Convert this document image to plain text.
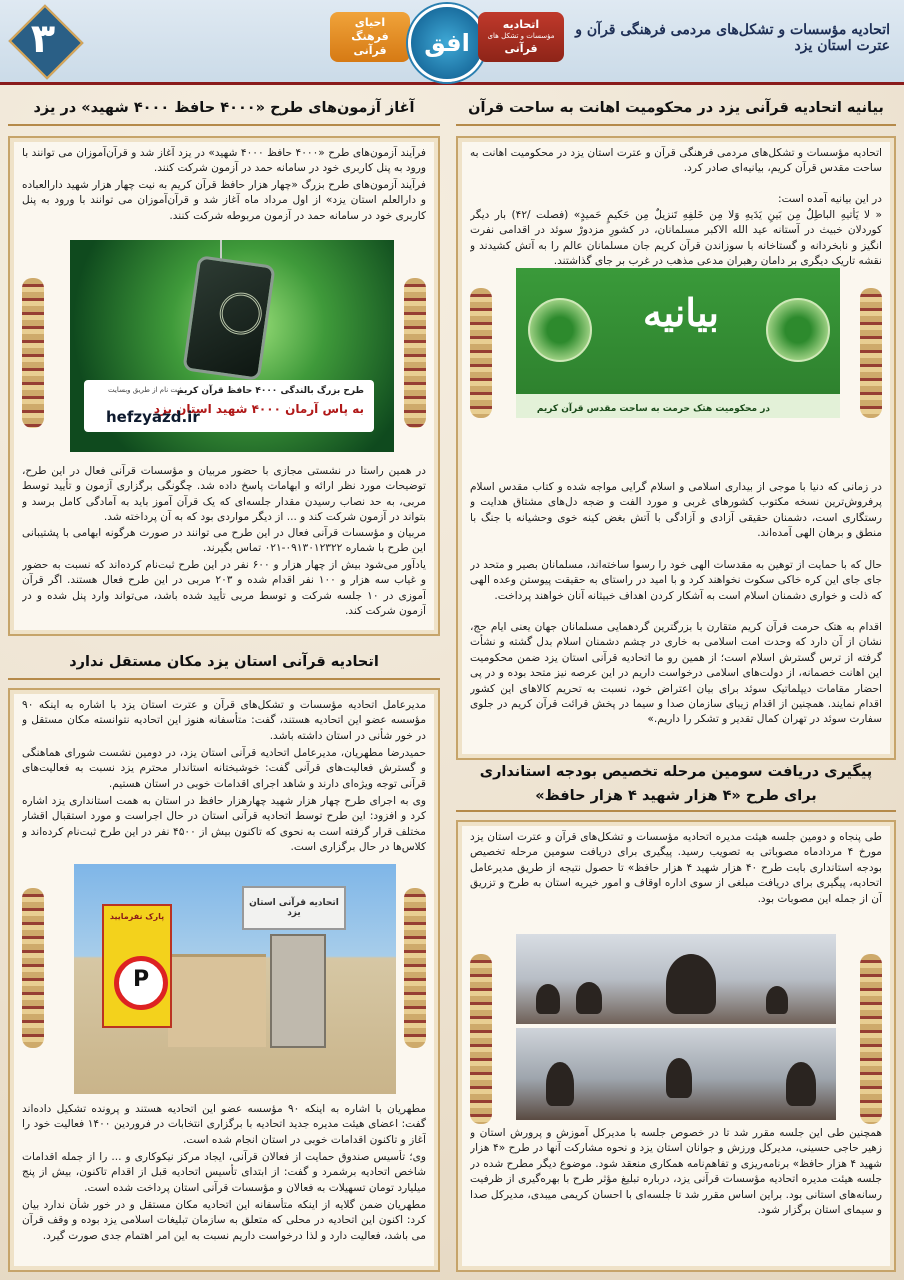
۳	احیای
فرهنگ
قرآنی	افق
اتحادیه
مؤسسات و تشکل های
قرآنی
اتحادیه مؤسسات و تشکل‌های مردمی فرهنگی قرآن و عترت استان یزد
بیانیه اتحادیه قرآنی یزد در محکومیت اهانت به ساحت قرآن
اتحادیه مؤسسات و تشکل‌های مردمی فرهنگی قرآن و عترت استان یزد در محکومیت اهانت به ساحت مقدس قرآن کریم، بیانیه‌ای صادر کرد.
در این بیانیه آمده است:
« لا یَأتیهِ الباطِلُ مِن بَینِ یَدَیهِ وَلا مِن خَلفِهِ تَنزیلٌ مِن حَکیمٍ حَمیدٍ» (فصلت /۴۲) بار دیگر کوردلان خبیث در آستانه عید الله الاکبر مسلمانان، در کشورِ مزدورْ سوئد در اقدامی نفرت انگیز و نابخردانه و گستاخانه با سوزاندن قرآن کریم جان مسلمانان عالم را به آتش کشیدند و نقشه تاریک دیگری بر دامان رهبران مدعی مذهب در غرب بر جای گذاشتند.
بیانیه
در محکومیت هتک حرمت به ساحت مقدس قرآن کریم
در زمانی که دنیا با موجی از بیداری اسلامی و اسلام گرایی مواجه شده و کتاب مقدس اسلام پرفروش‌ترین نسخه مکتوب کشورهای غربی و مورد الفت و ضجه دل‌های مشتاق هدایت و رستگاری است، دشمنان حقیقی آزادی و آزادگی با آتش بغض کینه خوی وحشیانه با جنگ با منطق و برهان الهی آمده‌اند.
حال که با حمایت از توهین به مقدسات الهی خود را رسوا ساخته‌اند، مسلمانان بصیر و متحد در جای جای این کره خاکی سکوت نخواهند کرد و با امید در راستای به حقیقت پیوستن وعده الهی که ذلت و خواری دشمنان اسلام است به آشکار کردن اهداف خبیثانه آنان خواهند پرداخت.
اقدام به هتک حرمت قرآن کریم متقارن با بزرگترین گردهمایی مسلمانان جهان یعنی ایام حج، نشان از آن دارد که وحدت امت اسلامی به خاری در چشم دشمنان اسلام بدل گشته و نشأت گرفته از ترس گسترش اسلام است؛ از همین رو ما اتحادیه قرآنی استان یزد ضمن محکومیت این اهانت خصمانه، از دولت‌های اسلامی درخواست داریم در این عرصه نیز متحد بوده و در پی احضار مقامات دیپلماتیک سوئد برای بیان اعتراض خود، نسبت به تحریم کالاهای این کشور اقدام نمایند. همچنین از اقدام زیبای سازمان صدا و سیما در پخش قرائت قرآن کریم در جلوی سفارت سوئد در تهران کمال تقدیر و تشکر را داریم.»
پیگیری دریافت سومین مرحله تخصیص بودجه استانداری
برای طرح «۴ هزار شهید ۴ هزار حافظ»
طی پنجاه و دومین جلسه هیئت مدیره اتحادیه مؤسسات و تشکل‌های قرآن و عترت استان یزد مورخ ۴ مردادماه مصوباتی به تصویب رسید. پیگیری برای دریافت سومین مرحله تخصیص بودجه استانداری بابت طرح ۴۰ هزار شهید ۴ هزار حافظ» تا حصول نتیجه از طریق مدیرعامل اتحادیه، پیگیری برای دریافت مبلغی از سوی اداره اوقاف و امور خیریه استان به طرح و تزریق آن از جمله این مصوبات بود.
همچنین طی این جلسه مقرر شد تا در خصوص جلسه با مدیرکل آموزش و پرورش استان و زهیر حاجی حسینی، مدیرکل ورزش و جوانان استان یزد و نحوه مشارکت آنها در طرح «۴ هزار شهید ۴ هزار حافظ» برنامه‌ریزی و تفاهم‌نامه همکاری منعقد شود. موضوع دیگر مطرح شده در جلسه هیئت مدیره اتحادیه مؤسسات قرآنی یزد، درباره تبلیغ مؤثر طرح با بهره‌گیری از ظرفیت رسانه‌های استانی بود. براین اساس مقرر شد تا جلسه‌ای با احسان کریمی میبدی، مدیرکل صدا و سیمای استان برگزار شود.
آغاز آزمون‌های طرح «۴۰۰۰ حافظ ۴۰۰۰ شهید» در یزد
فرآیند آزمون‌های طرح «۴۰۰۰ حافظ ۴۰۰۰ شهید» در یزد آغاز شد و قرآن‌آموزان می توانند با ورود به پنل کاربری خود در سامانه حمد در آزمون شرکت کنند.
فرآیند آزمون‌های طرح بزرگ «چهار هزار حافظ قرآن کریم به نیت چهار هزار شهید دارالعباده و دارالعلم استان یزد» از اول مرداد ماه آغاز شد و قرآن‌آموزان می توانند با ورود به پنل کاربری خود در سامانه حمد در آزمون مربوطه شرکت کنند.
طرح بزرگ بالندگی ۴۰۰۰ حافظ قرآن کریم
به پاس آرمان ۴۰۰۰ شهید استان یزد
ثبت نام از طریق وبسایت
hefzyazd.ir
در همین راستا در نشستی مجازی با حضور مربیان و مؤسسات قرآنی فعال در این طرح، توضیحات مورد نظر ارائه و ابهامات پاسخ داده شد. چگونگی برگزاری آزمون و تأیید توسط مربی، به حد نصاب رسیدن مقدار جلسه‌ای که یک قرآن آموز باید به آمادگی کامل برسد و بتواند در آزمون شرکت کند و ... از دیگر مواردی بود که به آن پرداخته شد.
مربیان و مؤسسات قرآنی فعال در این طرح می توانند در صورت هرگونه ابهامی با پشتیبانی این طرح با شماره ۰۹۱۳۰۱۲۳۲۲-۰۲۱ تماس بگیرند.
یادآور می‌شود بیش از چهار هزار و ۶۰۰ نفر در این طرح ثبت‌نام کرده‌اند که نسبت به حضور و غیاب سه هزار و ۱۰۰ نفر اقدام شده و ۲۰۳ مربی در این طرح فعال هستند. اگر قرآن آموزی در ۱۰ جلسه شرکت و توسط مربی تأیید شده باشد، می‌تواند وارد پنل شده و در آزمون شرکت کند.
اتحادیه قرآنی استان یزد مکان مستقل ندارد
مدیرعامل اتحادیه مؤسسات و تشکل‌های قرآن و عترت استان یزد با اشاره به اینکه ۹۰ مؤسسه عضو این اتحادیه هستند، گفت: متأسفانه هنوز این اتحادیه نتوانسته مکان مستقل و در خور شأنی در استان داشته باشد.
حمیدرضا مطهریان، مدیرعامل اتحادیه قرآنی استان یزد، در دومین نشست شورای هماهنگی و گسترش فعالیت‌های قرآنی گفت: خوشبختانه استاندار محترم یزد نسبت به فعالیت‌های قرآنی توجه ویژه‌ای دارند و شاهد اجرای اقدامات خوبی در استان هستیم.
وی به اجرای طرح چهار هزار شهید چهارهزار حافظ در استان به همت استانداری یزد اشاره کرد و افزود: این طرح توسط اتحادیه قرآنی استان در حال اجراست و مورد استقبال اقشار مختلف قرار گرفته است به نحوی که تاکنون بیش از ۴۵۰۰ نفر در این طرح ثبت‌نام کرده‌اند و کلاس‌ها در حال برگزاری است.
اتحادیه قرآنی استان یزد
پارک نفرمایید
P
مطهریان با اشاره به اینکه ۹۰ مؤسسه عضو این اتحادیه هستند و پرونده تشکیل داده‌اند گفت: اعضای هیئت مدیره جدید اتحادیه با برگزاری انتخابات در فروردین ۱۴۰۰ فعالیت خود را آغاز و تاکنون اقدامات خوبی در استان انجام شده است.
وی؛ تأسیس صندوق حمایت از فعالان قرآنی، ایجاد مرکز نیکوکاری و ... را از جمله اقدامات شاخص اتحادیه برشمرد و گفت: از ابتدای تأسیس اتحادیه قبل از اقدام تاکنون، بیش از پنج میلیارد تومان تسهیلات به فعالان و مؤسسات قرآنی استان پرداخت شده است.
مطهریان ضمن گلایه از اینکه متأسفانه این اتحادیه مکان مستقل و در خور شأن ندارد بیان کرد: اکنون این اتحادیه در محلی که متعلق به سازمان تبلیغات اسلامی یزد بوده و وقف قرآن می باشد، فعالیت دارد و لذا درخواست داریم نسبت به این امر اهتمام جدی صورت گیرد.
